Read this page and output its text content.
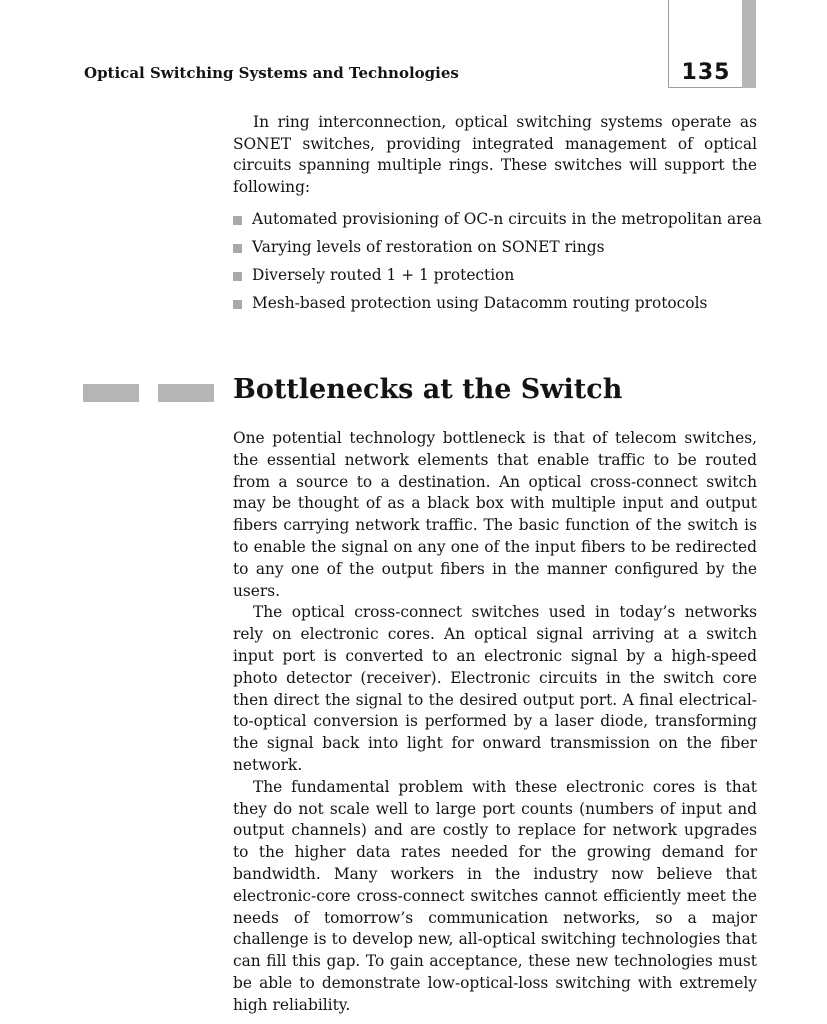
135
Optical Switching Systems and Technologies

In ring interconnection, optical switching systems operate as SONET switches, providing integrated management of optical circuits spanning multiple rings. These switches will support the following:

Automated provisioning of OC-n circuits in the metropolitan area
Varying levels of restoration on SONET rings
Diversely routed 1 + 1 protection
Mesh-based protection using Datacomm routing protocols
Bottlenecks at the Switch

One potential technology bottleneck is that of telecom switches, the essential network elements that enable traffic to be routed from a source to a destination. An optical cross-connect switch may be thought of as a black box with multiple input and output fibers carrying network traffic. The basic function of the switch is to enable the signal on any one of the input fibers to be redirected to any one of the output fibers in the manner configured by the users.

The optical cross-connect switches used in today’s networks rely on electronic cores. An optical signal arriving at a switch input port is converted to an electronic signal by a high-speed photo detector (receiver). Electronic circuits in the switch core then direct the signal to the desired output port. A final electrical-to-optical conversion is performed by a laser diode, transforming the signal back into light for onward transmission on the fiber network.

The fundamental problem with these electronic cores is that they do not scale well to large port counts (numbers of input and output channels) and are costly to replace for network upgrades to the higher data rates needed for the growing demand for bandwidth. Many workers in the industry now believe that electronic-core cross-connect switches cannot efficiently meet the needs of tomorrow’s communication networks, so a major challenge is to develop new, all-optical switching technologies that can fill this gap. To gain acceptance, these new technologies must be able to demonstrate low-optical-loss switching with extremely high reliability.
